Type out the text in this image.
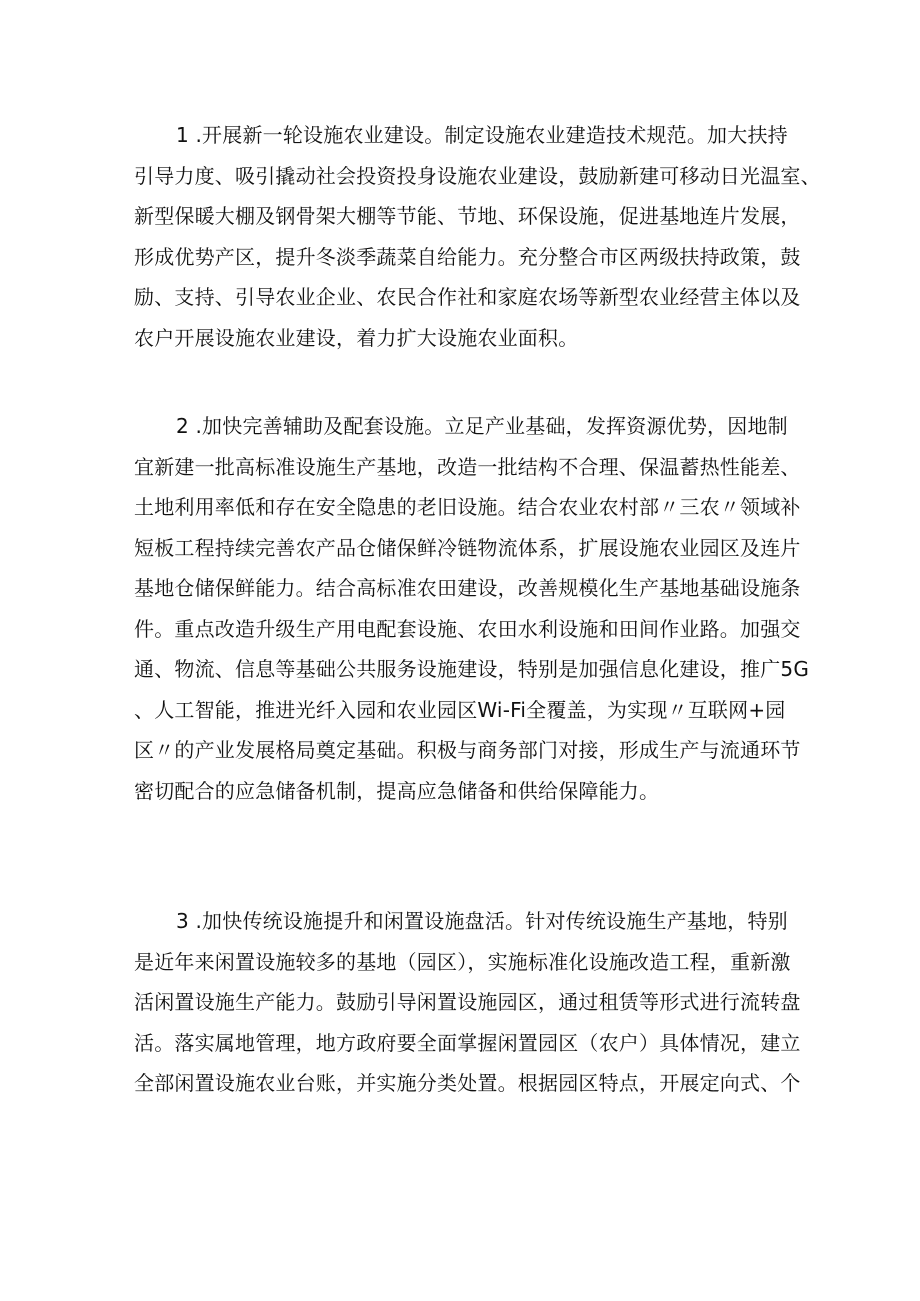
1 .开展新一轮设施农业建设。制定设施农业建造技术规范。加大扶持
引导力度、吸引撬动社会投资投身设施农业建设，鼓励新建可移动日光温室、
新型保暖大棚及钢骨架大棚等节能、节地、环保设施，促进基地连片发展，
形成优势产区，提升冬淡季蔬菜自给能力。充分整合市区两级扶持政策，鼓
励、支持、引导农业企业、农民合作社和家庭农场等新型农业经营主体以及
农户开展设施农业建设，着力扩大设施农业面积。
2 .加快完善辅助及配套设施。立足产业基础，发挥资源优势，因地制
宜新建一批高标准设施生产基地，改造一批结构不合理、保温蓄热性能差、
土地利用率低和存在安全隐患的老旧设施。结合农业农村部〃三农〃领域补
短板工程持续完善农产品仓储保鲜冷链物流体系，扩展设施农业园区及连片
基地仓储保鲜能力。结合高标准农田建设，改善规模化生产基地基础设施条
件。重点改造升级生产用电配套设施、农田水利设施和田间作业路。加强交
通、物流、信息等基础公共服务设施建设，特别是加强信息化建设，推广5G
、人工智能，推进光纤入园和农业园区Wi-Fi全覆盖，为实现〃互联网+园
区〃的产业发展格局奠定基础。积极与商务部门对接，形成生产与流通环节
密切配合的应急储备机制，提高应急储备和供给保障能力。
3 .加快传统设施提升和闲置设施盘活。针对传统设施生产基地，特别
是近年来闲置设施较多的基地（园区），实施标准化设施改造工程，重新激
活闲置设施生产能力。鼓励引导闲置设施园区，通过租赁等形式进行流转盘
活。落实属地管理，地方政府要全面掌握闲置园区（农户）具体情况，建立
全部闲置设施农业台账，并实施分类处置。根据园区特点，开展定向式、个
